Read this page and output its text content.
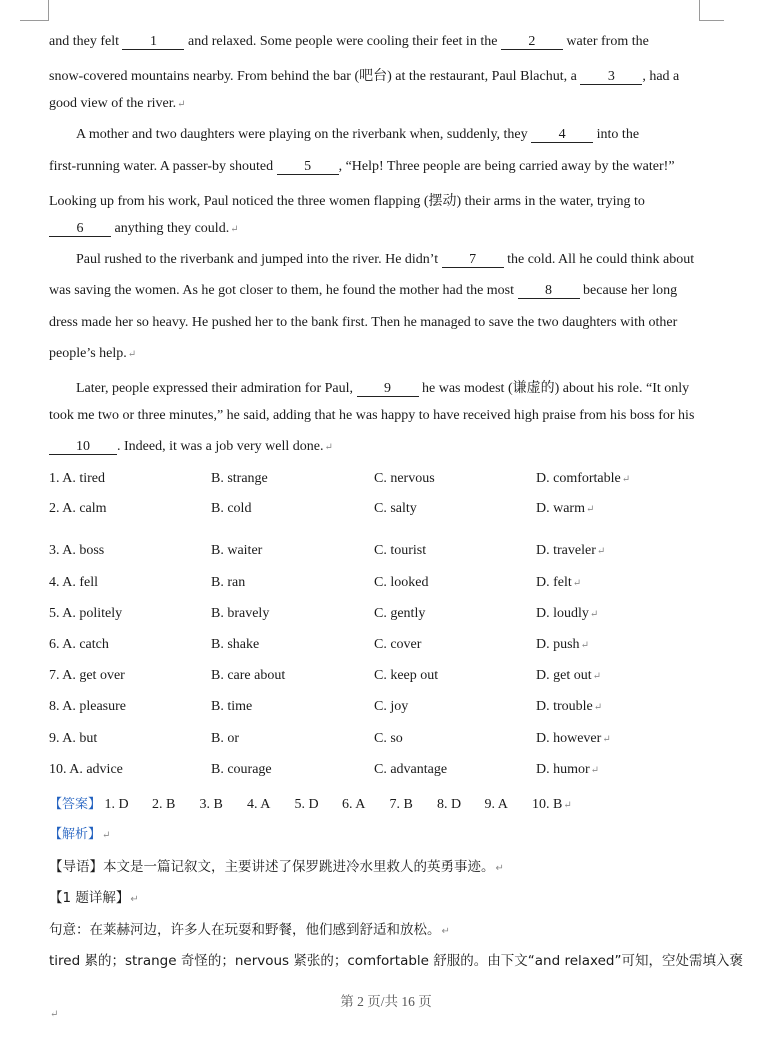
and they felt 1 and relaxed. Some people were cooling their feet in the 2 water from the
snow-covered mountains nearby. From behind the bar (吧台) at the restaurant, Paul Blachut, a 3 , had a
good view of the river.↵
A mother and two daughters were playing on the riverbank when, suddenly, they 4 into the
first-running water. A passer-by shouted 5 , “Help! Three people are being carried away by the water!”
Looking up from his work, Paul noticed the three women flapping (摆动) their arms in the water, trying to
6 anything they could.↵
Paul rushed to the riverbank and jumped into the river. He didn’t 7 the cold. All he could think about
was saving the women. As he got closer to them, he found the mother had the most 8 because her long
dress made her so heavy. He pushed her to the bank first. Then he managed to save the two daughters with other
people’s help.↵
Later, people expressed their admiration for Paul, 9 he was modest (谦虚的) about his role. “It only
took me two or three minutes,” he said, adding that he was happy to have received high praise from his boss for his
10 . Indeed, it was a job very well done.↵
1. A. tired	B. strange	C. nervous	D. comfortable↵
2. A. calm	B. cold	C. salty	D. warm↵
3. A. boss	B. waiter	C. tourist	D. traveler↵
4. A. fell	B. ran	C. looked	D. felt↵
5. A. politely	B. bravely	C. gently	D. loudly↵
6. A. catch	B. shake	C. cover	D. push↵
7. A. get over	B. care about	C. keep out	D. get out↵
8. A. pleasure	B. time	C. joy	D. trouble↵
9. A. but	B. or	C. so	D. however↵
10. A. advice	B. courage	C. advantage	D. humor↵
【答案】 1. D 2. B 3. B 4. A 5. D 6. A 7. B 8. D 9. A 10. B↵
【解析】↵
【导语】本文是一篇记叙文，主要讲述了保罗跳进冷水里救人的英勇事迹。↵
【1 题详解】↵
句意：在莱赫河边，许多人在玩耍和野餐，他们感到舒适和放松。↵
tired 累的；strange 奇怪的；nervous 紧张的；comfortable 舒服的。由下文“and relaxed”可知，空处需填入褒
第 2 页/共 16 页
↵
